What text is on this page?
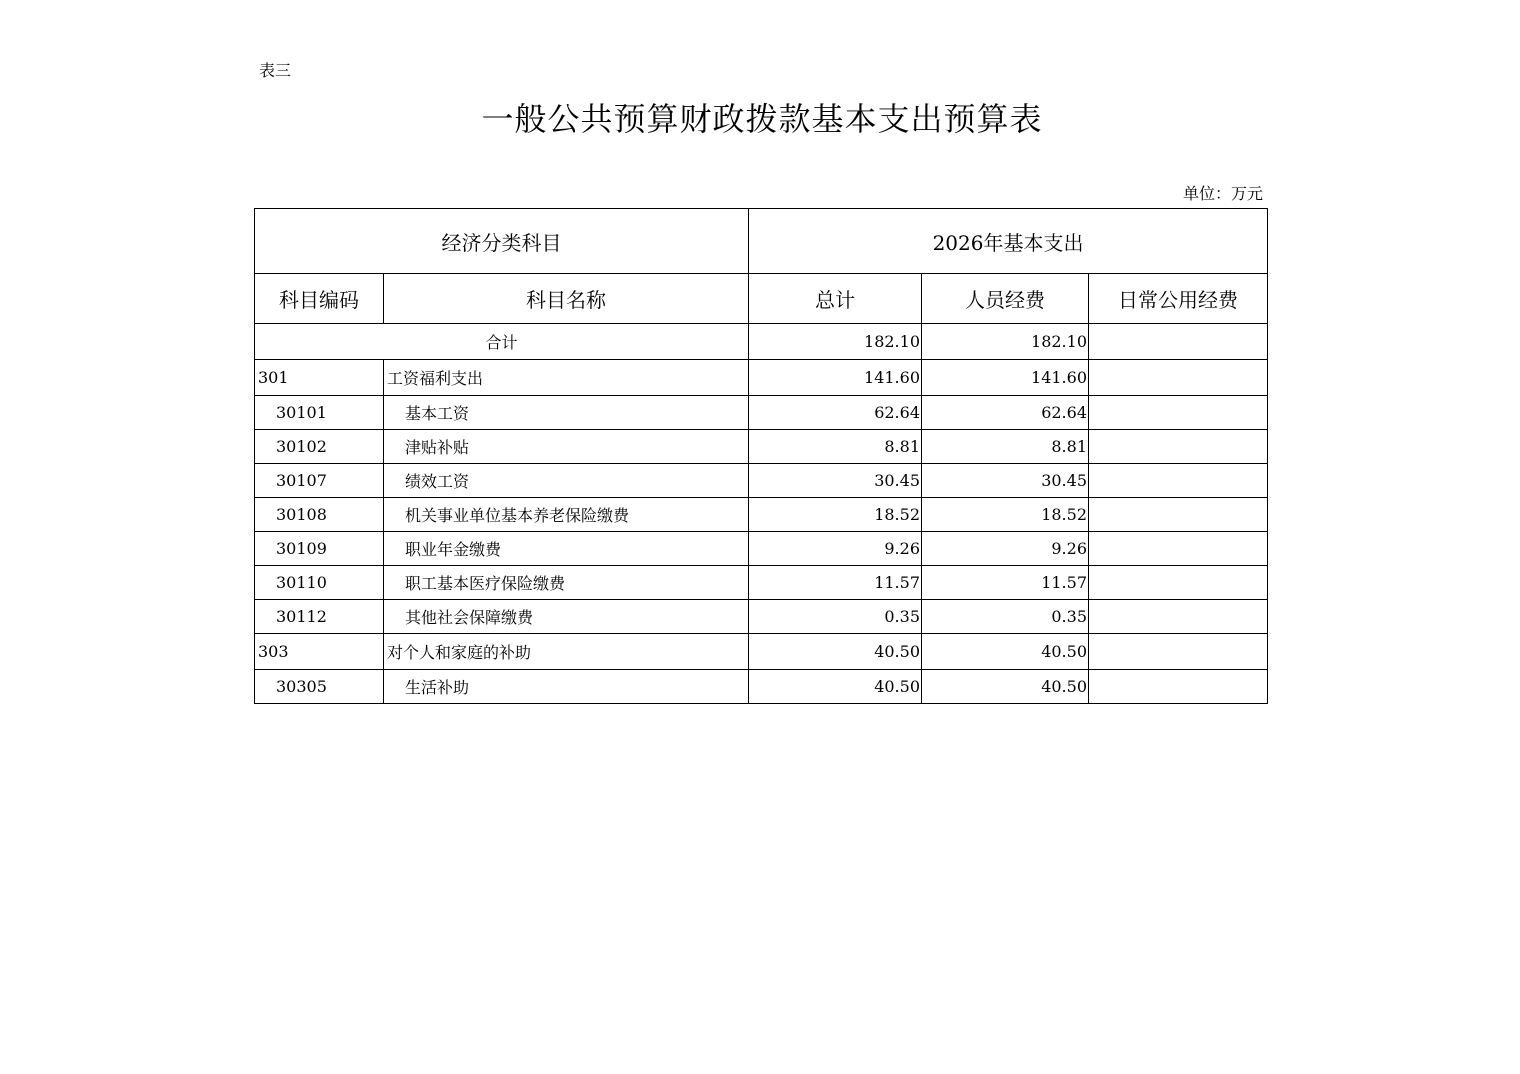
表三
一般公共预算财政拨款基本支出预算表
单位：万元
经济分类科目		2026年基本支出		
科目编码	科目名称	总计	人员经费	日常公用经费
合计		182.10	182.10	
301	工资福利支出	141.60	141.60	
30101	基本工资	62.64	62.64	
30102	津贴补贴	8.81	8.81	
30107	绩效工资	30.45	30.45	
30108	机关事业单位基本养老保险缴费	18.52	18.52	
30109	职业年金缴费	9.26	9.26	
30110	职工基本医疗保险缴费	11.57	11.57	
30112	其他社会保障缴费	0.35	0.35	
303	对个人和家庭的补助	40.50	40.50	
30305	生活补助	40.50	40.50	
